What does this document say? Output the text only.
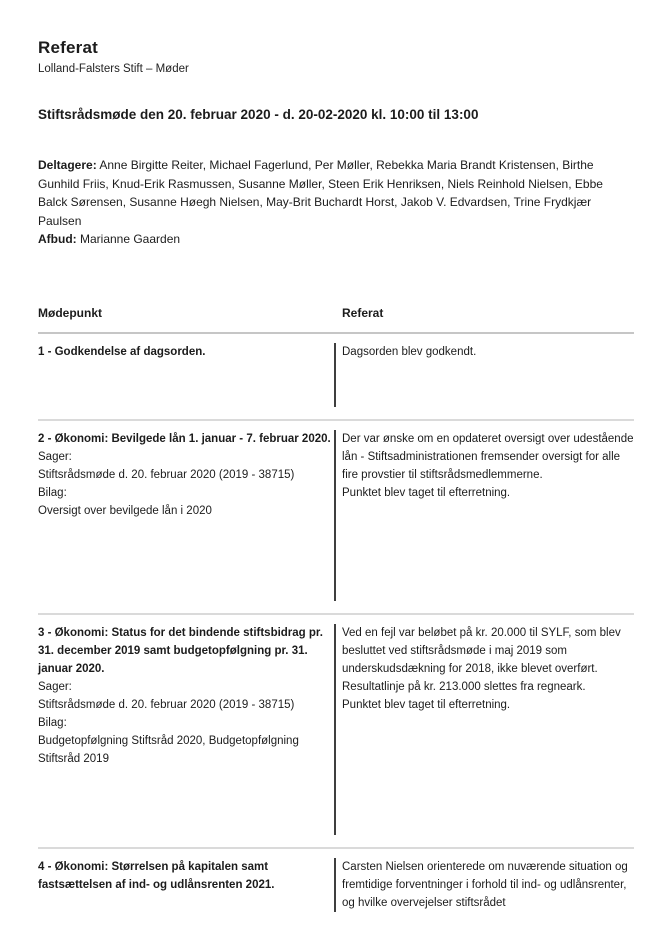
Referat
Lolland-Falsters Stift – Møder
Stiftsrådsmøde den 20. februar 2020 - d. 20-02-2020 kl. 10:00 til 13:00

Deltagere: Anne Birgitte Reiter, Michael Fagerlund, Per Møller, Rebekka Maria Brandt Kristensen, Birthe Gunhild Friis, Knud-Erik Rasmussen, Susanne Møller, Steen Erik Henriksen, Niels Reinhold Nielsen, Ebbe Balck Sørensen, Susanne Høegh Nielsen, May-Brit Buchardt Horst, Jakob V. Edvardsen, Trine Frydkjær Paulsen

Afbud: Marianne Gaarden

Mødepunkt	Referat

1 - Godkendelse af dagsorden.	Dagsorden blev godkendt.

2 - Økonomi: Bevilgede lån 1. januar - 7. februar 2020.

Sager:

Stiftsrådsmøde d. 20. februar 2020 (2019 - 38715)

Bilag:

Oversigt over bevilgede lån i 2020

Der var ønske om en opdateret oversigt over udestående lån - Stiftsadministrationen fremsender oversigt for alle fire provstier til stiftsrådsmedlemmerne.

Punktet blev taget til efterretning.

3 - Økonomi: Status for det bindende stiftsbidrag pr. 31. december 2019 samt budgetopfølgning pr. 31. januar 2020.

Sager:

Stiftsrådsmøde d. 20. februar 2020 (2019 - 38715)

Bilag:

Budgetopfølgning Stiftsråd 2020, Budgetopfølgning Stiftsråd 2019

Ved en fejl var beløbet på kr. 20.000 til SYLF, som blev besluttet ved stiftsrådsmøde i maj 2019 som underskudsdækning for 2018, ikke blevet overført.

Resultatlinje på kr. 213.000 slettes fra regneark.

Punktet blev taget til efterretning.

4 - Økonomi: Størrelsen på kapitalen samt fastsættelsen af ind- og udlånsrenten 2021.

Carsten Nielsen orienterede om nuværende situation og fremtidige forventninger i forhold til ind- og udlånsrenter, og hvilke overvejelser stiftsrådet
